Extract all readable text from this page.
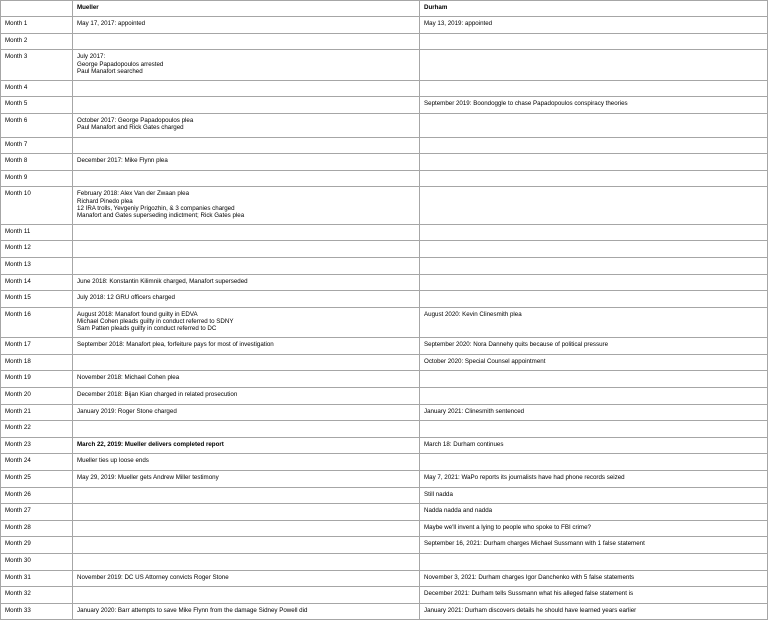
	Mueller	Durham
Month 1	May 17, 2017: appointed	May 13, 2019: appointed

Month 2		
Month 3	July 2017:
George Papadopoulos arrested
Paul Manafort searched	

Month 4		
Month 5		September 2019: Boondoggle to chase Papadopoulos conspiracy theories

Month 6	October 2017: George Papadopoulos plea
Paul Manafort and Rick Gates charged	

Month 7		
Month 8	December 2017: Mike Flynn plea	

Month 9		
Month 10	February 2018: Alex Van der Zwaan plea
Richard Pinedo plea
12 IRA trolls, Yevgeniy Prigozhin, & 3 companies charged
Manafort and Gates superseding indictment; Rick Gates plea	

Month 11		
Month 12		
Month 13		
Month 14	June 2018: Konstantin Kilimnik charged, Manafort superseded	

Month 15	July 2018: 12 GRU officers charged	

Month 16	August 2018: Manafort found guilty in EDVA
Michael Cohen pleads guilty in conduct referred to SDNY
Sam Patten pleads guilty in conduct referred to DC	August 2020: Kevin Clinesmith plea

Month 17	September 2018: Manafort plea, forfeiture pays for most of investigation	September 2020: Nora Dannehy quits because of political pressure

Month 18		October 2020: Special Counsel appointment

Month 19	November 2018: Michael Cohen plea	

Month 20	December 2018: Bijan Kian charged in related prosecution	

Month 21	January 2019: Roger Stone charged	January 2021: Clinesmith sentenced

Month 22		
Month 23	March 22, 2019: Mueller delivers completed report	March 18: Durham continues

Month 24	Mueller ties up loose ends	

Month 25	May 29, 2019: Mueller gets Andrew Miller testimony	May 7, 2021: WaPo reports its journalists have had phone records seized

Month 26		Still nadda

Month 27		Nadda nadda and nadda

Month 28		Maybe we'll invent a lying to people who spoke to FBI crime?

Month 29		September 16, 2021: Durham charges Michael Sussmann with 1 false statement

Month 30		
Month 31	November 2019: DC US Attorney convicts Roger Stone	November 3, 2021: Durham charges Igor Danchenko with 5 false statements

Month 32		December 2021: Durham tells Sussmann what his alleged false statement is

Month 33	January 2020: Barr attempts to save Mike Flynn from the damage Sidney Powell did	January 2021: Durham discovers details he should have learned years earlier
